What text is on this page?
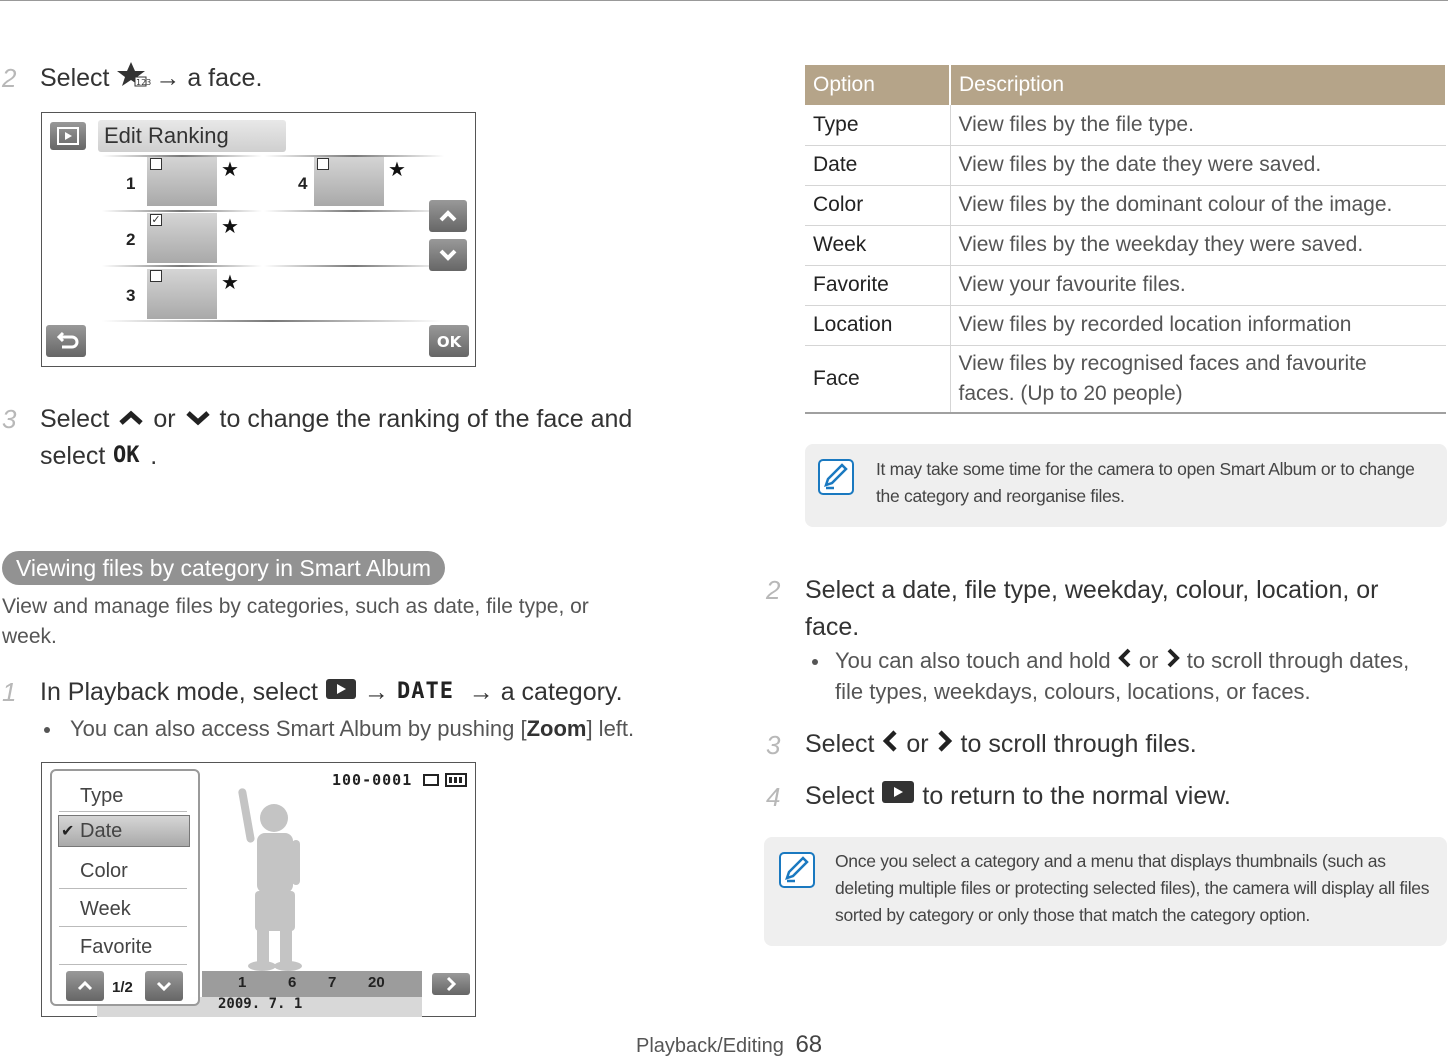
2 Select	123 → a face.
Edit Ranking
1
★
4
★
2
✓	★
3
★
OK
3 Select or to change the ranking of the face and
select OK .
Viewing files by category in Smart Album
View and manage files by categories, such as date, file type, or
week.
1 In Playback mode, select → DATE → a category.
You can also access Smart Album by pushing [Zoom] left.
100-0001
1	6 7 20
2009. 7. 1
Type
✔ Date
Color
Week
Favorite
1/2
Option	Description
Type	View files by the file type.
Date	View files by the date they were saved.
Color	View files by the dominant colour of the image.
Week	View files by the weekday they were saved.
Favorite	View your favourite files.
Location	View files by recorded location information
Face	View files by recognised faces and favourite
faces. (Up to 20 people)
It may take some time for the camera to open Smart Album or to change
the category and reorganise files.
2 Select a date, file type, weekday, colour, location, or
face.
You can also touch and hold or to scroll through dates,
file types, weekdays, colours, locations, or faces.
3 Select or to scroll through files.
4 Select to return to the normal view.
Once you select a category and a menu that displays thumbnails (such as
deleting multiple files or protecting selected files), the camera will display all files
sorted by category or only those that match the category option.
Playback/Editing 68
